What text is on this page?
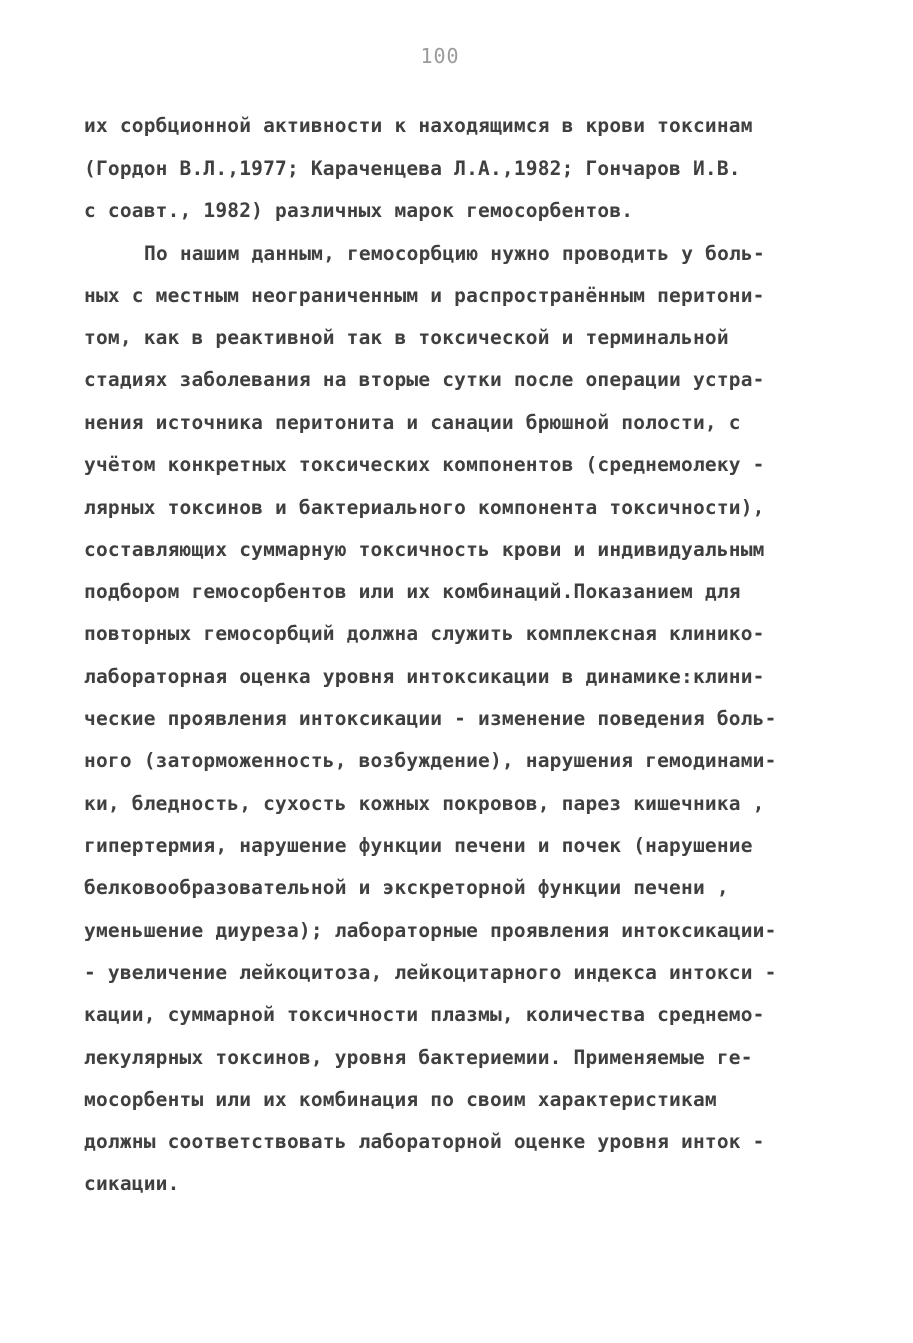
100
их сорбционной активности к находящимся в крови токсинам
(Гордон В.Л.,1977; Караченцева Л.А.,1982; Гончаров И.В.
с соавт., 1982) различных марок гемосорбентов.
По нашим данным, гемосорбцию нужно проводить у боль-
ных с местным неограниченным и распространённым перитони-
том, как в реактивной так в токсической и терминальной
стадиях заболевания на вторые сутки после операции устра-
нения источника перитонита и санации брюшной полости, с
учётом конкретных токсических компонентов (среднемолеку -
лярных токсинов и бактериального компонента токсичности),
составляющих суммарную токсичность крови и индивидуальным
подбором гемосорбентов или их комбинаций.Показанием для
повторных гемосорбций должна служить комплексная клинико-
лабораторная оценка уровня интоксикации в динамике:клини-
ческие проявления интоксикации - изменение поведения боль-
ного (заторможенность, возбуждение), нарушения гемодинами-
ки, бледность, сухость кожных покровов, парез кишечника ,
гипертермия, нарушение функции печени и почек (нарушение
белковообразовательной и экскреторной функции печени ,
уменьшение диуреза); лабораторные проявления интоксикации-
- увеличение лейкоцитоза, лейкоцитарного индекса интокси -
кации, суммарной токсичности плазмы, количества среднемо-
лекулярных токсинов, уровня бактериемии. Применяемые ге-
мосорбенты или их комбинация по своим характеристикам
должны соответствовать лабораторной оценке уровня инток -
сикации.
